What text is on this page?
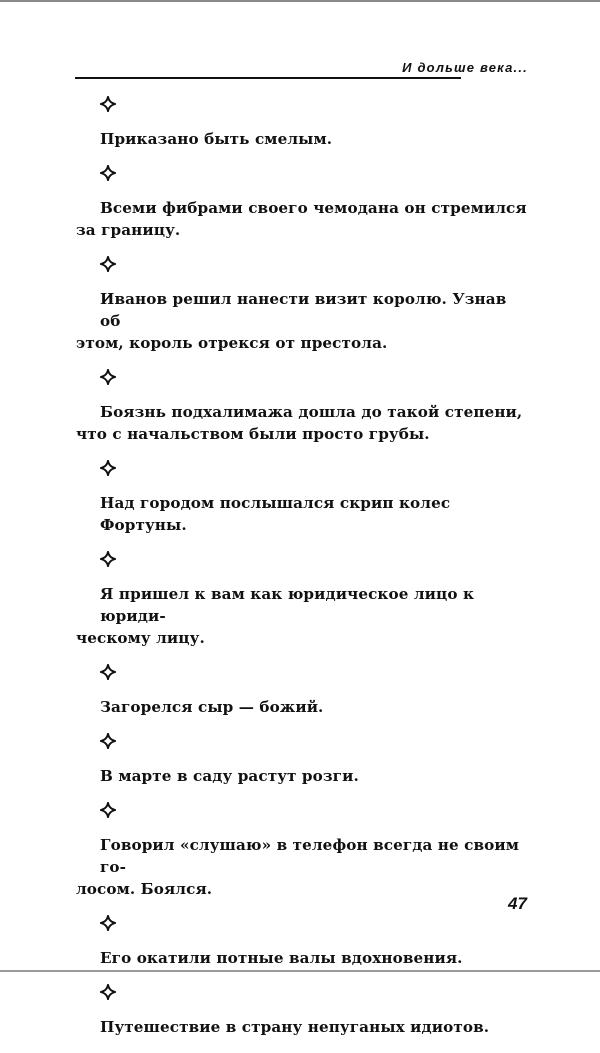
И дольше века...

Приказано быть смелым.

Всеми фибрами своего чемодана он стремился
за границу.

Иванов решил нанести визит королю. Узнав об
этом, король отрекся от престола.

Боязнь подхалимажа дошла до такой степени,
что с начальством были просто грубы.

Над городом послышался скрип колес Фортуны.

Я пришел к вам как юридическое лицо к юриди-
ческому лицу.

Загорелся сыр — божий.

В марте в саду растут розги.

Говорил «слушаю» в телефон всегда не своим го-
лосом. Боялся.

Его окатили потные валы вдохновения.

Путешествие в страну непуганых идиотов.

47
